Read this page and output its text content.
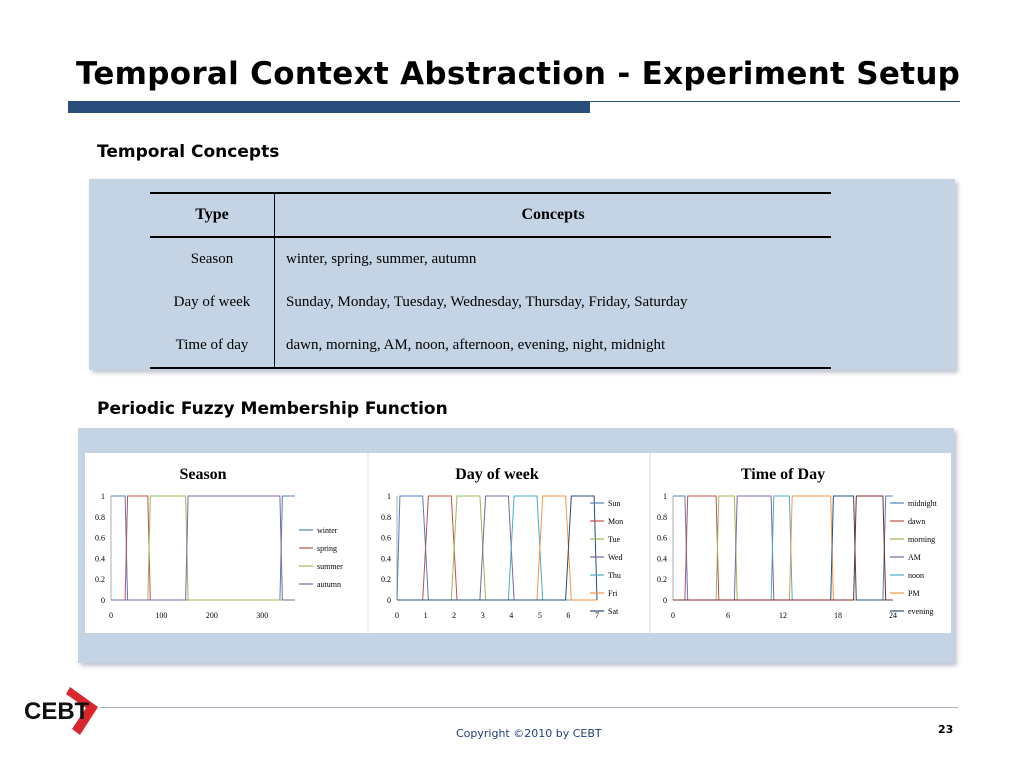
Temporal Context Abstraction - Experiment Setup
Temporal Concepts
Type	Concepts
Season	winter, spring, summer, autumn
Day of week	Sunday, Monday, Tuesday, Wednesday, Thursday, Friday, Saturday
Time of day	dawn, morning, AM, noon, afternoon, evening, night, midnight
Periodic Fuzzy Membership Function
Season
0
0.2
0.4
0.6
0.8
1
0	100	200	300
winter
spring
summer
autumn
Day of week
0
0.2
0.4
0.6
0.8
1
0	1	2	3	4	5	6	7
Sun
Mon
Tue
Wed
Thu
Fri
Sat
Time of Day
0
0.2
0.4
0.6
0.8
1
0	6	12	18	24
midnight
dawn
morning
AM
noon
PM
evening
CEBT
Copyright ©2010 by CEBT	23
